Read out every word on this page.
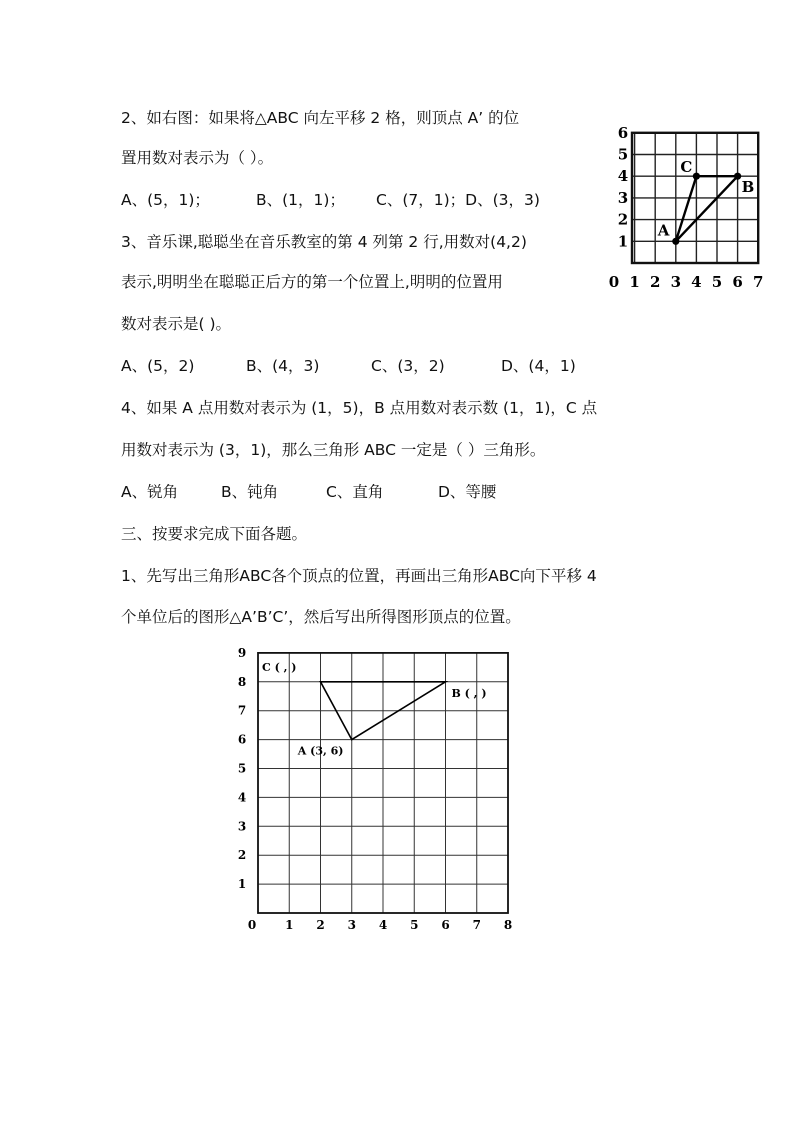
2、如右图：如果将△ABC 向左平移 2 格，则顶点 A’ 的位
置用数对表示为（ ）。
A、(5，1)；	B、(1，1)； C、(7，1)；D、(3，3)
3、音乐课,聪聪坐在音乐教室的第 4 列第 2 行,用数对(4,2)
表示,明明坐在聪聪正后方的第一个位置上,明明的位置用
数对表示是( )。
A、(5，2)	B、(4，3)	C、(3，2)	D、(4，1)
4、如果 A 点用数对表示为 (1，5)，B 点用数对表示数 (1，1)，C 点
用数对表示为 (3，1)，那么三角形 ABC 一定是（ ）三角形。
A、锐角	B、钝角	C、直角	D、等腰
三、按要求完成下面各题。
1、先写出三角形ABC各个顶点的位置，再画出三角形ABC向下平移 4
个单位后的图形△A’B’C’，然后写出所得图形顶点的位置。
0 1 2 3 4 5 6 7
1
2
3
4
5
6
A
C
B
0 1 2 3 4 5 6 7 8
1
2
3
4
5
6
7
8
9
C ( , )
B ( , )
A (3, 6)
